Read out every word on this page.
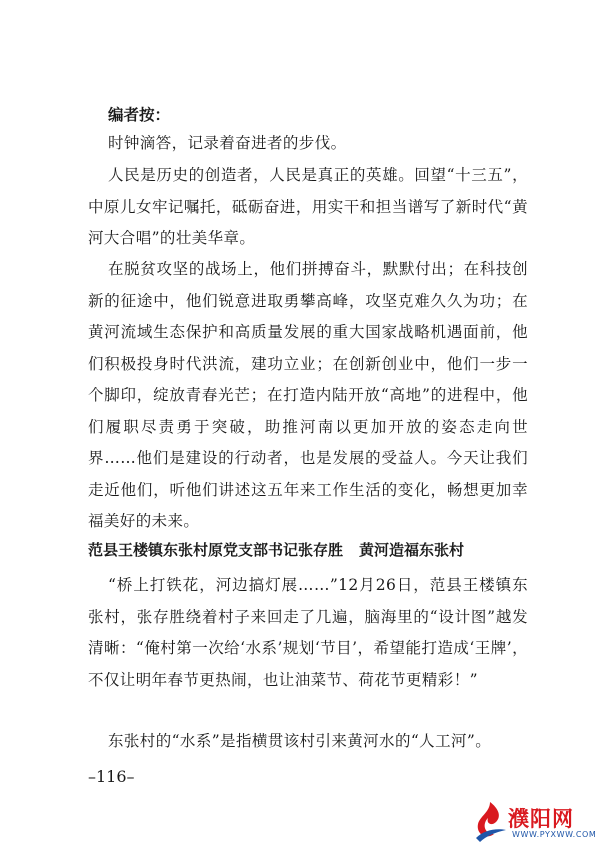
编者按：

时钟滴答，记录着奋进者的步伐。

人民是历史的创造者，人民是真正的英雄。回望“十三五”，中原儿女牢记嘱托，砥砺奋进，用实干和担当谱写了新时代“黄河大合唱”的壮美华章。

在脱贫攻坚的战场上，他们拼搏奋斗，默默付出；在科技创新的征途中，他们锐意进取勇攀高峰，攻坚克难久久为功；在黄河流域生态保护和高质量发展的重大国家战略机遇面前，他们积极投身时代洪流，建功立业；在创新创业中，他们一步一个脚印，绽放青春光芒；在打造内陆开放“高地”的进程中，他们履职尽责勇于突破，助推河南以更加开放的姿态走向世界……他们是建设的行动者，也是发展的受益人。今天让我们走近他们，听他们讲述这五年来工作生活的变化，畅想更加幸福美好的未来。

范县王楼镇东张村原党支部书记张存胜 黄河造福东张村

“桥上打铁花，河边搞灯展……”12月26日，范县王楼镇东张村，张存胜绕着村子来回走了几遍，脑海里的“设计图”越发清晰：“俺村第一次给‘水系’规划‘节目’，希望能打造成‘王牌’，不仅让明年春节更热闹，也让油菜节、荷花节更精彩！”

东张村的“水系”是指横贯该村引来黄河水的“人工河”。

–116–

濮阳网
WWW.PYXWW.COM
